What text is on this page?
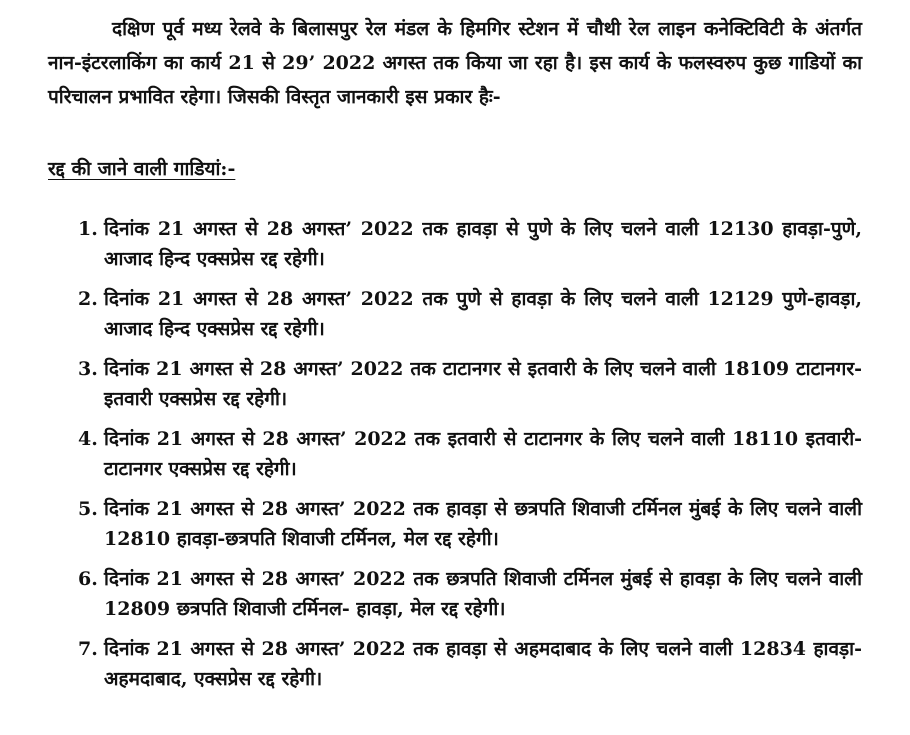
दक्षिण पूर्व मध्य रेलवे के बिलासपुर रेल मंडल के हिमगिर स्टेशन में चौथी रेल लाइन कनेक्टिविटी के अंतर्गत नान-इंटरलाकिंग का कार्य 21 से 29’ 2022 अगस्त तक किया जा रहा है। इस कार्य के फलस्वरुप कुछ गाडियों का परिचालन प्रभावित रहेगा। जिसकी विस्तृत जानकारी इस प्रकार हैः-

रद्द की जाने वाली गाडियां:-
1. दिनांक 21 अगस्त से 28 अगस्त’ 2022 तक हावड़ा से पुणे के लिए चलने वाली 12130 हावड़ा-पुणे, आजाद हिन्द एक्सप्रेस रद्द रहेगी।
2. दिनांक 21 अगस्त से 28 अगस्त’ 2022 तक पुणे से हावड़ा के लिए चलने वाली 12129 पुणे-हावड़ा, आजाद हिन्द एक्सप्रेस रद्द रहेगी।
3. दिनांक 21 अगस्त से 28 अगस्त’ 2022 तक टाटानगर से इतवारी के लिए चलने वाली 18109 टाटानगर-इतवारी एक्सप्रेस रद्द रहेगी।
4. दिनांक 21 अगस्त से 28 अगस्त’ 2022 तक इतवारी से टाटानगर के लिए चलने वाली 18110 इतवारी- टाटानगर एक्सप्रेस रद्द रहेगी।
5. दिनांक 21 अगस्त से 28 अगस्त’ 2022 तक हावड़ा से छत्रपति शिवाजी टर्मिनल मुंबई के लिए चलने वाली 12810 हावड़ा-छत्रपति शिवाजी टर्मिनल, मेल रद्द रहेगी।
6. दिनांक 21 अगस्त से 28 अगस्त’ 2022 तक छत्रपति शिवाजी टर्मिनल मुंबई से हावड़ा के लिए चलने वाली 12809 छत्रपति शिवाजी टर्मिनल- हावड़ा, मेल रद्द रहेगी।
7. दिनांक 21 अगस्त से 28 अगस्त’ 2022 तक हावड़ा से अहमदाबाद के लिए चलने वाली 12834 हावड़ा-अहमदाबाद, एक्सप्रेस रद्द रहेगी।
